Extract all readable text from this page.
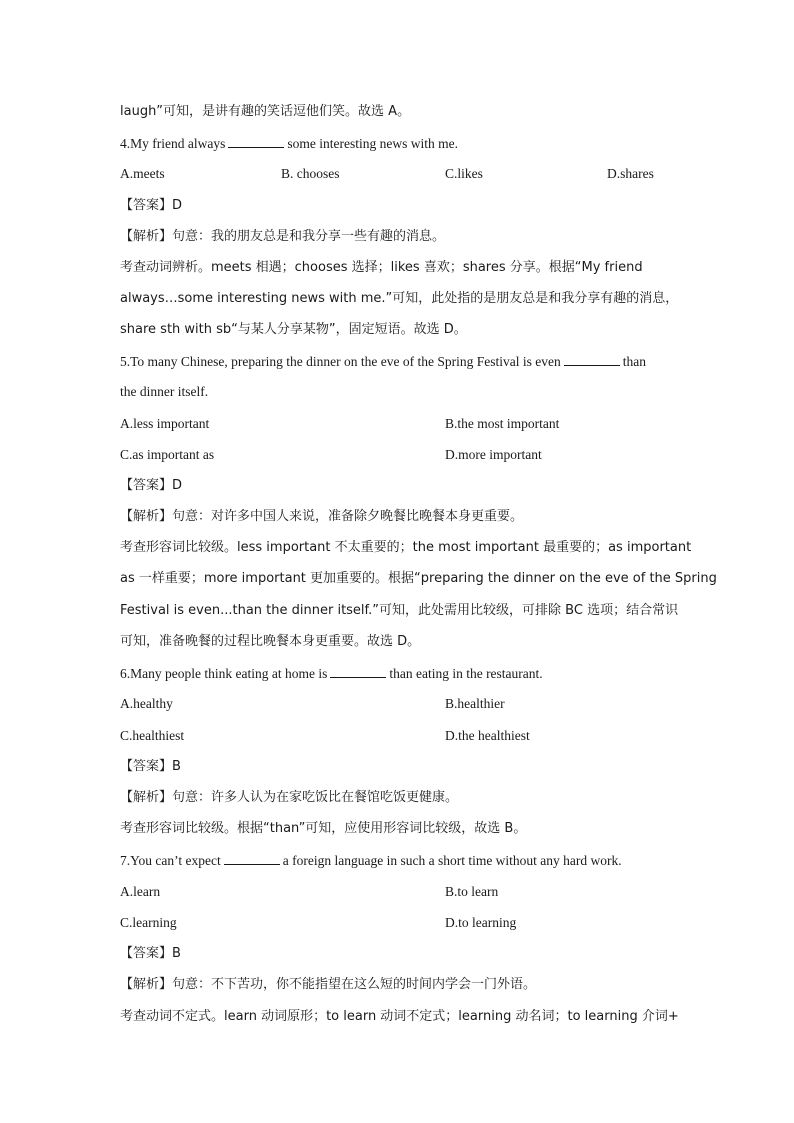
laugh”可知，是讲有趣的笑话逗他们笑。故选 A。
4.My friend always	some interesting news with me.
A.meets	B. chooses	C.likes	D.shares
【答案】D
【解析】句意：我的朋友总是和我分享一些有趣的消息。
考查动词辨析。meets 相遇；chooses 选择；likes 喜欢；shares 分享。根据“My friend
always…some interesting news with me.”可知，此处指的是朋友总是和我分享有趣的消息，
share sth with sb“与某人分享某物”，固定短语。故选 D。
5.To many Chinese, preparing the dinner on the eve of the Spring Festival is even	than
the dinner itself.
A.less important	B.the most important
C.as important as	D.more important
【答案】D
【解析】句意：对许多中国人来说，准备除夕晚餐比晚餐本身更重要。
考查形容词比较级。less important 不太重要的；the most important 最重要的；as important
as 一样重要；more important 更加重要的。根据“preparing the dinner on the eve of the Spring
Festival is even...than the dinner itself.”可知，此处需用比较级，可排除 BC 选项；结合常识
可知，准备晚餐的过程比晚餐本身更重要。故选 D。
6.Many people think eating at home is	than eating in the restaurant.
A.healthy	B.healthier
C.healthiest	D.the healthiest
【答案】B
【解析】句意：许多人认为在家吃饭比在餐馆吃饭更健康。
考查形容词比较级。根据“than”可知，应使用形容词比较级，故选 B。
7.You can’t expect	a foreign language in such a short time without any hard work.
A.learn	B.to learn
C.learning	D.to learning
【答案】B
【解析】句意：不下苦功，你不能指望在这么短的时间内学会一门外语。
考查动词不定式。learn 动词原形；to learn 动词不定式；learning 动名词；to learning 介词+
